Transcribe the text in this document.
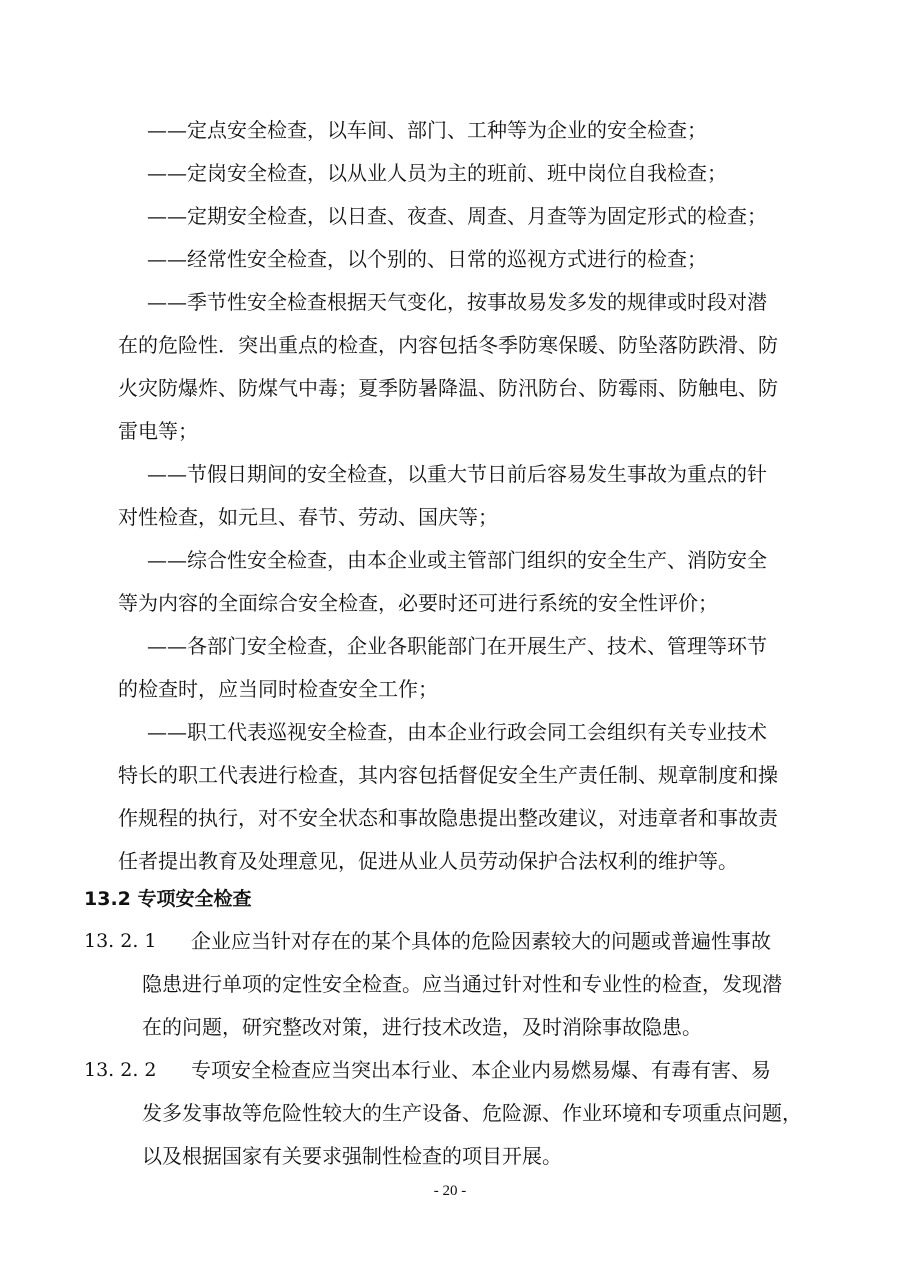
——定点安全检查，以车间、部门、工种等为企业的安全检查；

——定岗安全检查，以从业人员为主的班前、班中岗位自我检查；

——定期安全检查，以日查、夜查、周查、月查等为固定形式的检查；

——经常性安全检查，以个别的、日常的巡视方式进行的检查；

——季节性安全检查根据天气变化，按事故易发多发的规律或时段对潜

在的危险性．突出重点的检查，内容包括冬季防寒保暖、防坠落防跌滑、防

火灾防爆炸、防煤气中毒；夏季防暑降温、防汛防台、防霉雨、防触电、防

雷电等；

——节假日期间的安全检查，以重大节日前后容易发生事故为重点的针

对性检查，如元旦、春节、劳动、国庆等；

——综合性安全检查，由本企业或主管部门组织的安全生产、消防安全

等为内容的全面综合安全检查，必要时还可进行系统的安全性评价；

——各部门安全检查，企业各职能部门在开展生产、技术、管理等环节

的检查时，应当同时检查安全工作；

——职工代表巡视安全检查，由本企业行政会同工会组织有关专业技术

特长的职工代表进行检查，其内容包括督促安全生产责任制、规章制度和操

作规程的执行，对不安全状态和事故隐患提出整改建议，对违章者和事故责

任者提出教育及处理意见，促进从业人员劳动保护合法权利的维护等。

13.2 专项安全检查

13. 2. 1 企业应当针对存在的某个具体的危险因素较大的问题或普遍性事故

隐患进行单项的定性安全检查。应当通过针对性和专业性的检查，发现潜

在的问题，研究整改对策，进行技术改造，及时消除事故隐患。

13. 2. 2 专项安全检查应当突出本行业、本企业内易燃易爆、有毒有害、易

发多发事故等危险性较大的生产设备、危险源、作业环境和专项重点问题，

以及根据国家有关要求强制性检查的项目开展。

- 20 -
